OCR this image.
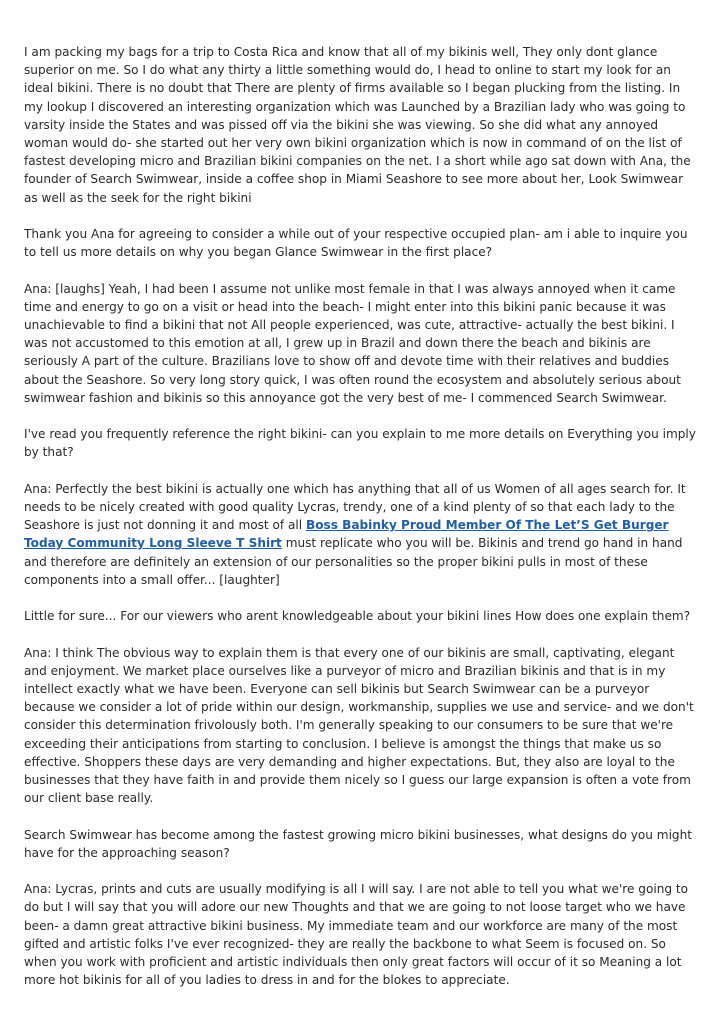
I am packing my bags for a trip to Costa Rica and know that all of my bikinis well, They only dont glance superior on me. So I do what any thirty a little something would do, I head to online to start my look for an ideal bikini. There is no doubt that There are plenty of firms available so I began plucking from the listing. In my lookup I discovered an interesting organization which was Launched by a Brazilian lady who was going to varsity inside the States and was pissed off via the bikini she was viewing. So she did what any annoyed woman would do- she started out her very own bikini organization which is now in command of on the list of fastest developing micro and Brazilian bikini companies on the net. I a short while ago sat down with Ana, the founder of Search Swimwear, inside a coffee shop in Miami Seashore to see more about her, Look Swimwear as well as the seek for the right bikini

Thank you Ana for agreeing to consider a while out of your respective occupied plan- am i able to inquire you to tell us more details on why you began Glance Swimwear in the first place?

Ana: [laughs] Yeah, I had been I assume not unlike most female in that I was always annoyed when it came time and energy to go on a visit or head into the beach- I might enter into this bikini panic because it was unachievable to find a bikini that not All people experienced, was cute, attractive- actually the best bikini. I was not accustomed to this emotion at all, I grew up in Brazil and down there the beach and bikinis are seriously A part of the culture. Brazilians love to show off and devote time with their relatives and buddies about the Seashore. So very long story quick, I was often round the ecosystem and absolutely serious about swimwear fashion and bikinis so this annoyance got the very best of me- I commenced Search Swimwear.

I've read you frequently reference the right bikini- can you explain to me more details on Everything you imply by that?

Ana: Perfectly the best bikini is actually one which has anything that all of us Women of all ages search for. It needs to be nicely created with good quality Lycras, trendy, one of a kind plenty of so that each lady to the Seashore is just not donning it and most of all Boss Babinky Proud Member Of The Let’S Get Burger Today Community Long Sleeve T Shirt must replicate who you will be. Bikinis and trend go hand in hand and therefore are definitely an extension of our personalities so the proper bikini pulls in most of these components into a small offer... [laughter]

Little for sure... For our viewers who arent knowledgeable about your bikini lines How does one explain them?

Ana: I think The obvious way to explain them is that every one of our bikinis are small, captivating, elegant and enjoyment. We market place ourselves like a purveyor of micro and Brazilian bikinis and that is in my intellect exactly what we have been. Everyone can sell bikinis but Search Swimwear can be a purveyor because we consider a lot of pride within our design, workmanship, supplies we use and service- and we don't consider this determination frivolously both. I'm generally speaking to our consumers to be sure that we're exceeding their anticipations from starting to conclusion. I believe is amongst the things that make us so effective. Shoppers these days are very demanding and higher expectations. But, they also are loyal to the businesses that they have faith in and provide them nicely so I guess our large expansion is often a vote from our client base really.

Search Swimwear has become among the fastest growing micro bikini businesses, what designs do you might have for the approaching season?

Ana: Lycras, prints and cuts are usually modifying is all I will say. I are not able to tell you what we're going to do but I will say that you will adore our new Thoughts and that we are going to not loose target who we have been- a damn great attractive bikini business. My immediate team and our workforce are many of the most gifted and artistic folks I've ever recognized- they are really the backbone to what Seem is focused on. So when you work with proficient and artistic individuals then only great factors will occur of it so Meaning a lot more hot bikinis for all of you ladies to dress in and for the blokes to appreciate.
